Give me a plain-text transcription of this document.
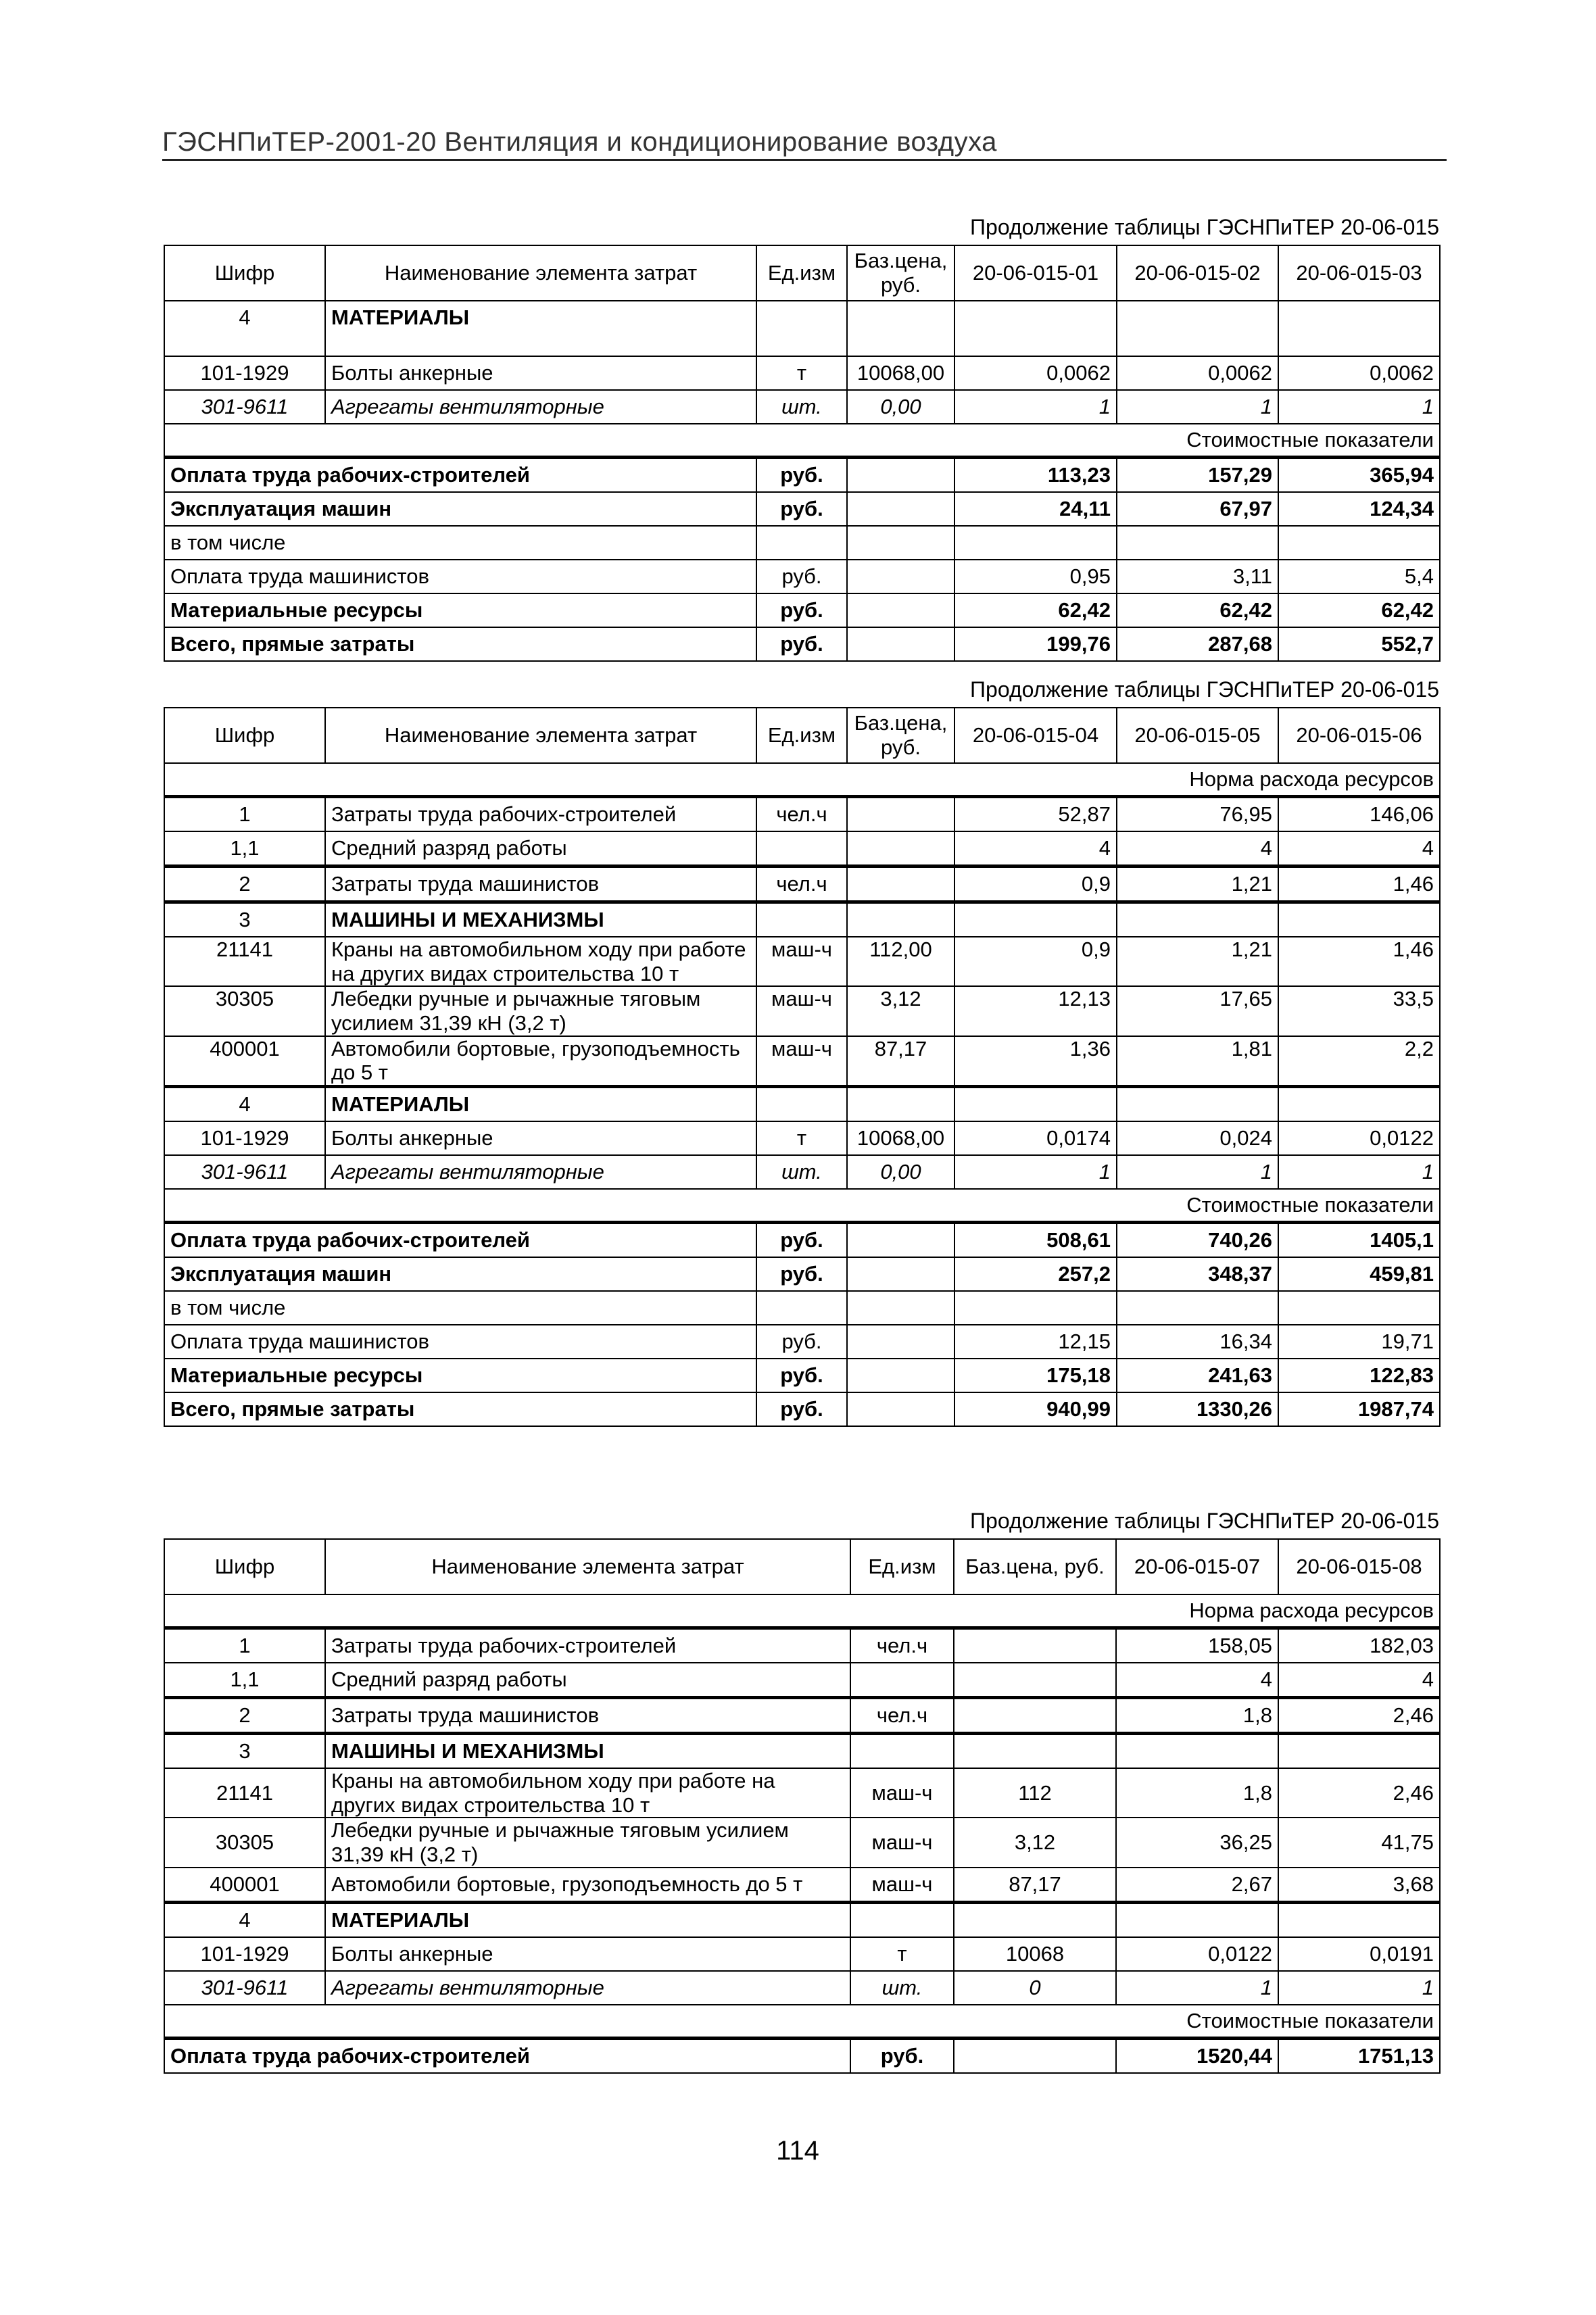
ГЭСНПиТЕР-2001-20 Вентиляция и кондиционирование воздуха
Продолжение таблицы ГЭСНПиТЕР 20-06-015
Шифр	Наименование элемента затрат	Ед.изм	Баз.цена, руб.	20-06-015-01	20-06-015-02	20-06-015-03
4	МАТЕРИАЛЫ					

101-1929	Болты анкерные	т	10068,00	0,0062	0,0062	0,0062
301-9611	Агрегаты вентиляторные	шт.	0,00	1	1	1
Стоимостные показатели						
Оплата труда рабочих-строителей		руб.		113,23	157,29	365,94
Эксплуатация машин		руб.		24,11	67,97	124,34
в том числе						
Оплата труда машинистов		руб.		0,95	3,11	5,4
Материальные ресурсы		руб.		62,42	62,42	62,42
Всего, прямые затраты		руб.		199,76	287,68	552,7
Продолжение таблицы ГЭСНПиТЕР 20-06-015
Шифр	Наименование элемента затрат	Ед.изм	Баз.цена, руб.	20-06-015-04	20-06-015-05	20-06-015-06
Норма расхода ресурсов						
1	Затраты труда рабочих-строителей	чел.ч		52,87	76,95	146,06
1,1	Средний разряд работы			4	4	4
2	Затраты труда машинистов	чел.ч		0,9	1,21	1,46
3	МАШИНЫ И МЕХАНИЗМЫ					
21141	Краны на автомобильном ходу при работе на других видах строительства 10 т	маш-ч	112,00	0,9	1,21	1,46
30305	Лебедки ручные и рычажные тяговым усилием 31,39 кН (3,2 т)	маш-ч	3,12	12,13	17,65	33,5
400001	Автомобили бортовые, грузоподъемность до 5 т	маш-ч	87,17	1,36	1,81	2,2
4	МАТЕРИАЛЫ					
101-1929	Болты анкерные	т	10068,00	0,0174	0,024	0,0122
301-9611	Агрегаты вентиляторные	шт.	0,00	1	1	1
Стоимостные показатели						
Оплата труда рабочих-строителей		руб.		508,61	740,26	1405,1
Эксплуатация машин		руб.		257,2	348,37	459,81
в том числе						
Оплата труда машинистов		руб.		12,15	16,34	19,71
Материальные ресурсы		руб.		175,18	241,63	122,83
Всего, прямые затраты		руб.		940,99	1330,26	1987,74
Продолжение таблицы ГЭСНПиТЕР 20-06-015
Шифр	Наименование элемента затрат	Ед.изм	Баз.цена, руб.	20-06-015-07	20-06-015-08
Норма расхода ресурсов					
1	Затраты труда рабочих-строителей	чел.ч		158,05	182,03
1,1	Средний разряд работы			4	4
2	Затраты труда машинистов	чел.ч		1,8	2,46
3	МАШИНЫ И МЕХАНИЗМЫ				
21141	Краны на автомобильном ходу при работе на других видах строительства 10 т	маш-ч	112	1,8	2,46
30305	Лебедки ручные и рычажные тяговым усилием 31,39 кН (3,2 т)	маш-ч	3,12	36,25	41,75
400001	Автомобили бортовые, грузоподъемность до 5 т	маш-ч	87,17	2,67	3,68
4	МАТЕРИАЛЫ				
101-1929	Болты анкерные	т	10068	0,0122	0,0191
301-9611	Агрегаты вентиляторные	шт.	0	1	1
Стоимостные показатели					
Оплата труда рабочих-строителей		руб.		1520,44	1751,13
114
